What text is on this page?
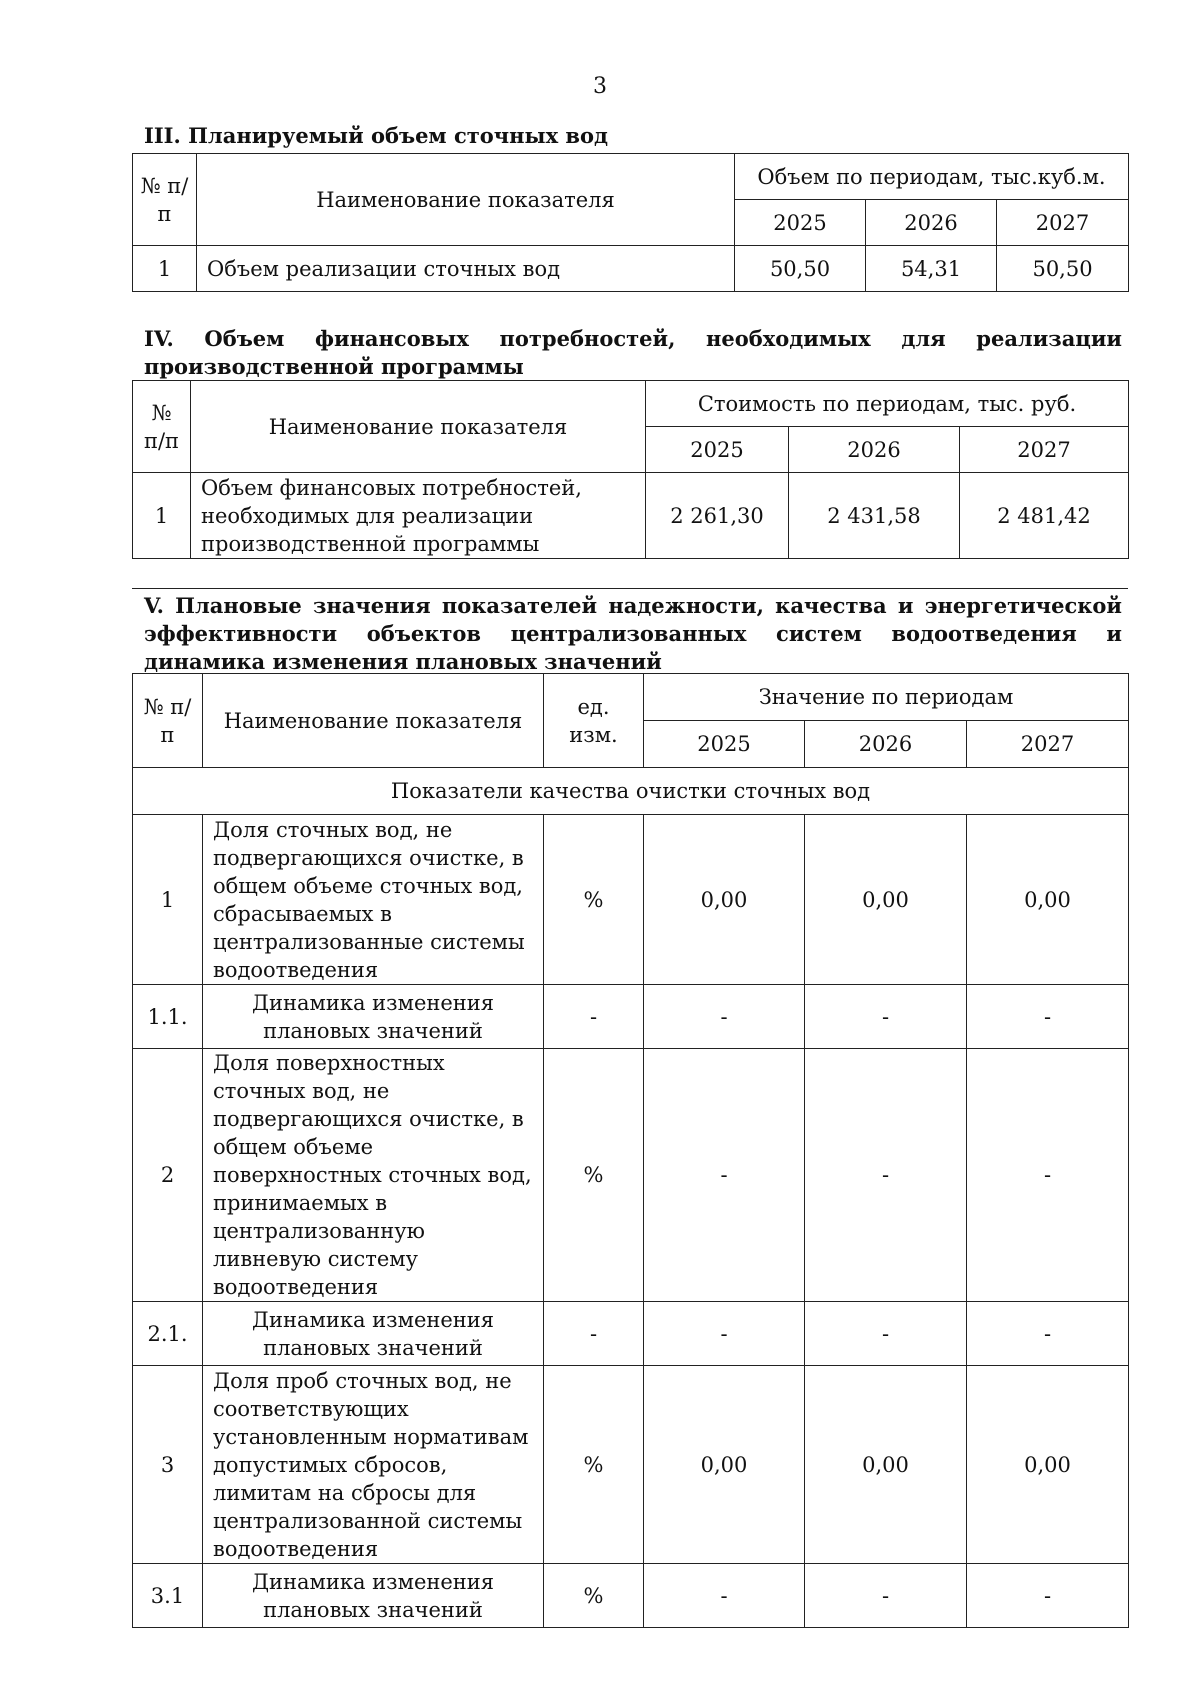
3
III. Планируемый объем сточных вод
№ п/п	Наименование показателя	Объем по периодам, тыс.куб.м.		
		2025	2026	2027
1	Объем реализации сточных вод	50,50	54,31	50,50
IV. Объем финансовых потребностей, необходимых для реализации производственной программы
№ п/п	Наименование показателя	Стоимость по периодам, тыс. руб.		
		2025	2026	2027
1	Объем финансовых потребностей, необходимых для реализации производственной программы	2 261,30	2 431,58	2 481,42
V. Плановые значения показателей надежности, качества и энергетической эффективности объектов централизованных систем водоотведения и динамика изменения плановых значений
№ п/п	Наименование показателя	ед. изм.	Значение по периодам		
			2025	2026	2027
Показатели качества очистки сточных вод					
1	Доля сточных вод, не подвергающихся очистке, в общем объеме сточных вод, сбрасываемых в централизованные системы водоотведения	%	0,00	0,00	0,00
1.1.	Динамика изменения плановых значений	-	-	-	-
2	Доля поверхностных сточных вод, не подвергающихся очистке, в общем объеме поверхностных сточных вод, принимаемых в централизованную ливневую систему водоотведения	%	-	-	-
2.1.	Динамика изменения плановых значений	-	-	-	-
3	Доля проб сточных вод, не соответствующих установленным нормативам допустимых сбросов, лимитам на сбросы для централизованной системы водоотведения	%	0,00	0,00	0,00
3.1	Динамика изменения плановых значений	%	-	-	-
